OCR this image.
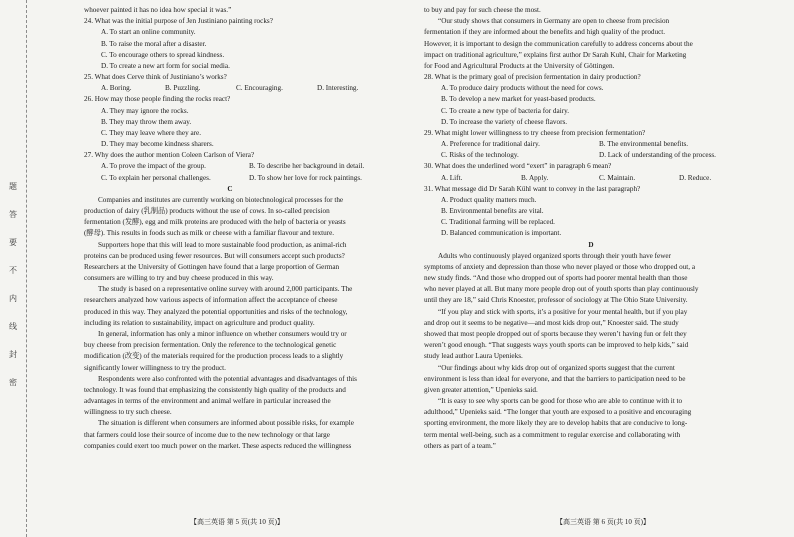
题
答
要
不
内
线
封
密
whoever painted it has no idea how special it was.”
24. What was the initial purpose of Jen Justiniano painting rocks?
A. To start an online community.
B. To raise the moral after a disaster.
C. To encourage others to spread kindness.
D. To create a new art form for social media.
25. What does Cerve think of Justiniano’s works?
A. Boring.	B. Puzzling.	C. Encouraging.	D. Interesting.
26. How may those people finding the rocks react?
A. They may ignore the rocks.
B. They may throw them away.
C. They may leave where they are.
D. They may become kindness sharers.
27. Why does the author mention Coleen Carlson of Viera?
A. To prove the impact of the group.	B. To describe her background in detail.
C. To explain her personal challenges.	D. To show her love for rock paintings.
C
Companies and institutes are currently working on biotechnological processes for the
production of dairy (乳制品) products without the use of cows. In so-called precision
fermentation (发酵), egg and milk proteins are produced with the help of bacteria or yeasts
(酵母). This results in foods such as milk or cheese with a familiar flavour and texture.
Supporters hope that this will lead to more sustainable food production, as animal-rich
proteins can be produced using fewer resources. But will consumers accept such products?
Researchers at the University of Gottingen have found that a large proportion of German
consumers are willing to try and buy cheese produced in this way.
The study is based on a representative online survey with around 2,000 participants. The
researchers analyzed how various aspects of information affect the acceptance of cheese
produced in this way. They analyzed the potential opportunities and risks of the technology,
including its relation to sustainability, impact on agriculture and product quality.
In general, information has only a minor influence on whether consumers would try or
buy cheese from precision fermentation. Only the reference to the technological genetic
modification (改变) of the materials required for the production process leads to a slightly
significantly lower willingness to try the product.
Respondents were also confronted with the potential advantages and disadvantages of this
technology. It was found that emphasizing the consistently high quality of the products and
advantages in terms of the environment and animal welfare in particular increased the
willingness to try such cheese.
The situation is different when consumers are informed about possible risks, for example
that farmers could lose their source of income due to the new technology or that large
companies could exert too much power on the market. These aspects reduced the willingness
to buy and pay for such cheese the most.
“Our study shows that consumers in Germany are open to cheese from precision
fermentation if they are informed about the benefits and high quality of the product.
However, it is important to design the communication carefully to address concerns about the
impact on traditional agriculture,” explains first author Dr Sarah Kuhl, Chair for Marketing
for Food and Agricultural Products at the University of Göttingen.
28. What is the primary goal of precision fermentation in dairy production?
A. To produce dairy products without the need for cows.
B. To develop a new market for yeast-based products.
C. To create a new type of bacteria for dairy.
D. To increase the variety of cheese flavors.
29. What might lower willingness to try cheese from precision fermentation?
A. Preference for traditional dairy.	B. The environmental benefits.
C. Risks of the technology.	D. Lack of understanding of the process.
30. What does the underlined word “exert” in paragraph 6 mean?
A. Lift.	B. Apply.	C. Maintain.	D. Reduce.
31. What message did Dr Sarah Kühl want to convey in the last paragraph?
A. Product quality matters much.
B. Environmental benefits are vital.
C. Traditional farming will be replaced.
D. Balanced communication is important.
D
Adults who continuously played organized sports through their youth have fewer
symptoms of anxiety and depression than those who never played or those who dropped out, a
new study finds. “And those who dropped out of sports had poorer mental health than those
who never played at all. But many more people drop out of youth sports than play continuously
until they are 18,” said Chris Knoester, professor of sociology at The Ohio State University.
“If you play and stick with sports, it’s a positive for your mental health, but if you play
and drop out it seems to be negative—and most kids drop out,” Knoester said. The study
showed that most people dropped out of sports because they weren’t having fun or felt they
weren’t good enough. “That suggests ways youth sports can be improved to help kids,” said
study lead author Laura Upenieks.
“Our findings about why kids drop out of organized sports suggest that the current
environment is less than ideal for everyone, and that the barriers to participation need to be
given greater attention,” Upenieks said.
“It is easy to see why sports can be good for those who are able to continue with it to
adulthood,” Upenieks said. “The longer that youth are exposed to a positive and encouraging
sporting environment, the more likely they are to develop habits that are conducive to long-
term mental well-being, such as a commitment to regular exercise and collaborating with
others as part of a team.”
【高三英语 第 5 页(共 10 页)】	【高三英语 第 6 页(共 10 页)】
